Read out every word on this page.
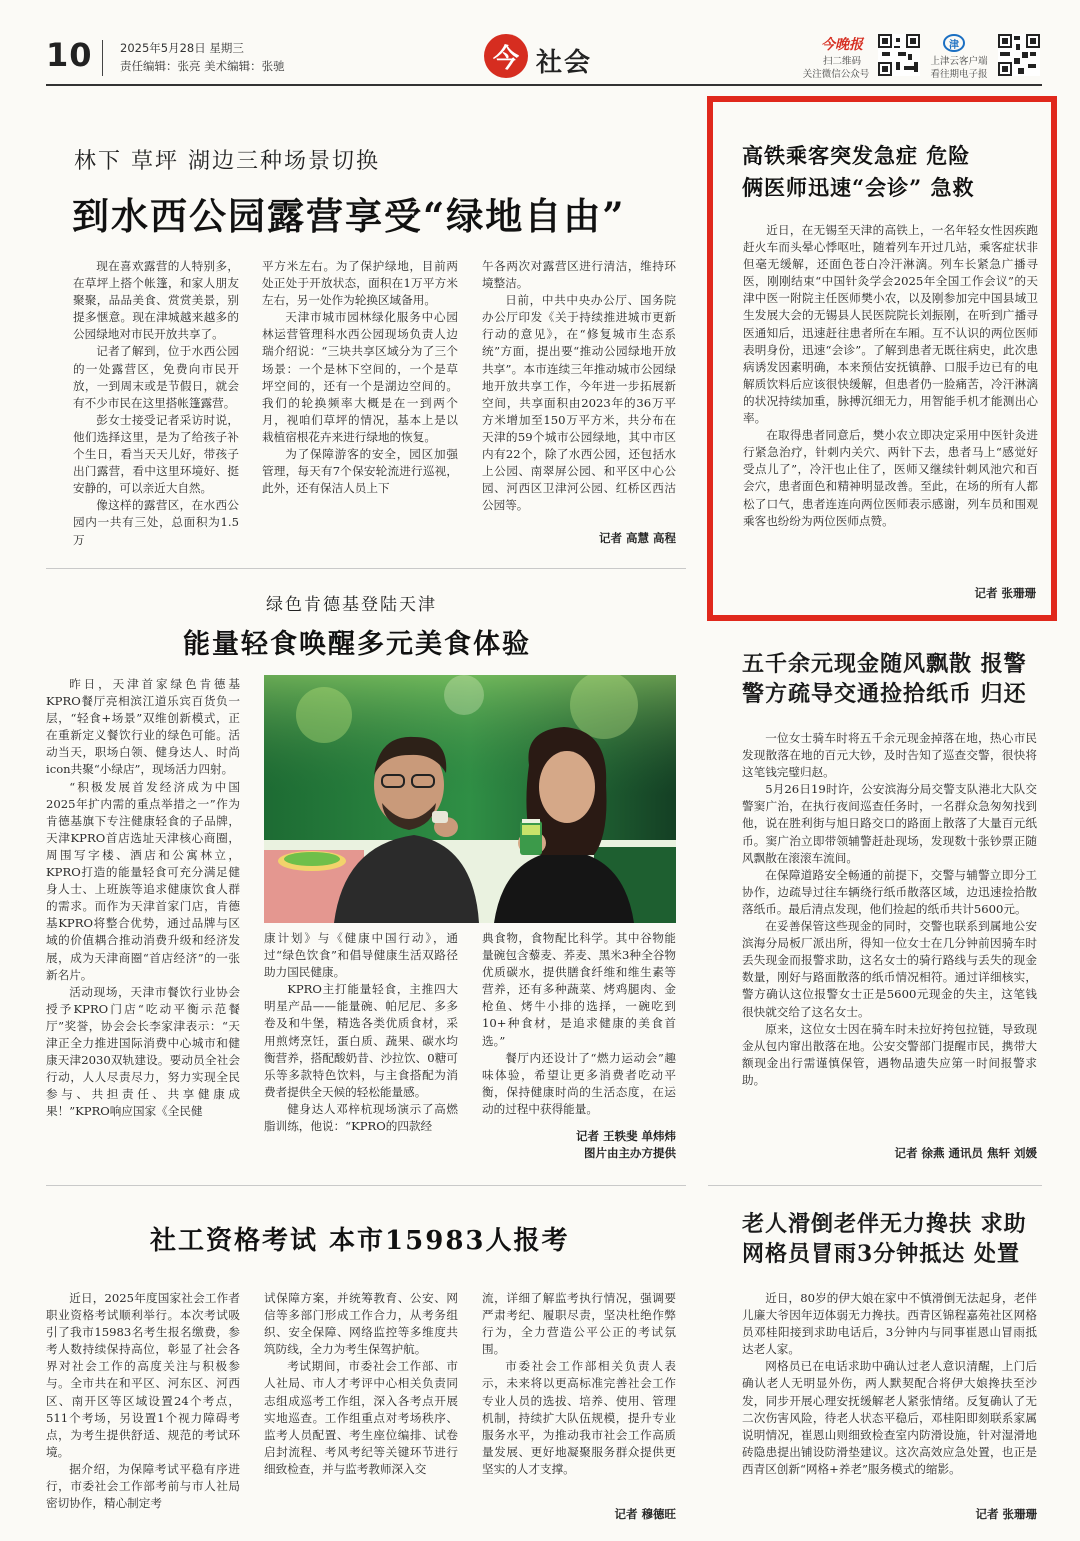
10 2025年5月28日 星期三
责任编辑：张亮 美术编辑：张驰	今 社会
今晚报
扫二维码
关注微信公众号
津
上津云客户端
看往期电子报
林下 草坪 湖边三种场景切换
到水西公园露营享受“绿地自由”

现在喜欢露营的人特别多，在草坪上搭个帐篷，和家人朋友聚聚，品品美食、赏赏美景，别提多惬意。现在津城越来越多的公园绿地对市民开放共享了。

记者了解到，位于水西公园的一处露营区，免费向市民开放，一到周末或是节假日，就会有不少市民在这里搭帐篷露营。

彭女士接受记者采访时说，他们选择这里，是为了给孩子补个生日，看当天天儿好，带孩子出门露营，看中这里环境好、挺安静的，可以亲近大自然。

像这样的露营区，在水西公园内一共有三处，总面积为1.5万

平方米左右。为了保护绿地，目前两处正处于开放状态，面积在1万平方米左右，另一处作为轮换区域备用。

天津市城市园林绿化服务中心园林运营管理科水西公园现场负责人边瑞介绍说：“三块共享区域分为了三个场景：一个是林下空间的，一个是草坪空间的，还有一个是湖边空间的。我们的轮换频率大概是在一到两个月，视咱们草坪的情况，基本上是以栽植宿根花卉来进行绿地的恢复。

为了保障游客的安全，园区加强管理，每天有7个保安轮流进行巡视，此外，还有保洁人员上下

午各两次对露营区进行清洁，维持环境整洁。

日前，中共中央办公厅、国务院办公厅印发《关于持续推进城市更新行动的意见》，在“修复城市生态系统”方面，提出要“推动公园绿地开放共享”。本市连续三年推动城市公园绿地开放共享工作，今年进一步拓展新空间，共享面积由2023年的36万平方米增加至150万平方米，共分布在天津的59个城市公园绿地，其中市区内有22个，除了水西公园，还包括水上公园、南翠屏公园、和平区中心公园、河西区卫津河公园、红桥区西沽公园等。

记者 高慧 高程
高铁乘客突发急症 危险
俩医师迅速“会诊” 急救

近日，在无锡至天津的高铁上，一名年轻女性因疾跑赶火车而头晕心悸呕吐，随着列车开过几站，乘客症状非但毫无缓解，还面色苍白冷汗淋漓。列车长紧急广播寻医，刚刚结束“中国针灸学会2025年全国工作会议”的天津中医一附院主任医师樊小农，以及刚参加完中国县域卫生发展大会的无锡县人民医院院长刘振刚，在听到广播寻医通知后，迅速赶往患者所在车厢。互不认识的两位医师表明身份，迅速“会诊”。了解到患者无既往病史，此次患病诱发因素明确，本来预估安抚镇静、口服手边已有的电解质饮料后应该很快缓解，但患者仍一脸痛苦，冷汗淋漓的状况持续加重，脉搏沉细无力，用智能手机才能测出心率。

在取得患者同意后，樊小农立即决定采用中医针灸进行紧急治疗，针刺内关穴、两针下去，患者马上“感觉好受点儿了”，冷汗也止住了，医师又继续针刺风池穴和百会穴，患者面色和精神明显改善。至此，在场的所有人都松了口气，患者连连向两位医师表示感谢，列车员和围观乘客也纷纷为两位医师点赞。

记者 张珊珊
绿色肯德基登陆天津
能量轻食唤醒多元美食体验

昨日，天津首家绿色肯德基KPRO餐厅亮相滨江道乐宾百货负一层，“轻食+场景”双维创新模式，正在重新定义餐饮行业的绿色可能。活动当天，职场白领、健身达人、时尚icon共聚“小绿店”，现场活力四射。

“积极发展首发经济成为中国2025年扩内需的重点举措之一”作为肯德基旗下专注健康轻食的子品牌，天津KPRO首店选址天津核心商圈，周围写字楼、酒店和公寓林立，KPRO打造的能量轻食可充分满足健身人士、上班族等追求健康饮食人群的需求。而作为天津首家门店，肯德基KPRO将整合优势，通过品牌与区域的价值耦合推动消费升级和经济发展，成为天津商圈“首店经济”的一张新名片。

活动现场，天津市餐饮行业协会授予KPRO门店“吃动平衡示范餐厅”奖誉，协会会长李家津表示：“天津正全力推进国际消费中心城市和健康天津2030双轨建设。要动员全社会行动，人人尽责尽力，努力实现全民参与、共担责任、共享健康成果！”KPRO响应国家《全民健

康计划》与《健康中国行动》，通过“绿色饮食”和倡导健康生活双路径助力国民健康。

KPRO主打能量轻食，主推四大明星产品——能量碗、帕尼尼、多多卷及和牛堡，精选各类优质食材，采用煎烤烹饪，蛋白质、蔬果、碳水均衡营养，搭配酸奶昔、沙拉饮、0糖可乐等多款特色饮料，与主食搭配为消费者提供全天候的轻松能量感。

健身达人邓梓杭现场演示了高燃脂训练，他说：“KPRO的四款经

典食物，食物配比科学。其中谷物能量碗包含藜麦、荞麦、黑米3种全谷物优质碳水，提供膳食纤维和维生素等营养，还有多种蔬菜、烤鸡腿肉、金枪鱼、烤牛小排的选择，一碗吃到10+种食材，是追求健康的美食首选。”

餐厅内还设计了“燃力运动会”趣味体验，希望让更多消费者吃动平衡，保持健康时尚的生活态度，在运动的过程中获得能量。

记者 王轶斐 单炜炜
图片由主办方提供
五千余元现金随风飘散 报警
警方疏导交通捡拾纸币 归还

一位女士骑车时将五千余元现金掉落在地，热心市民发现散落在地的百元大钞，及时告知了巡查交警，很快将这笔钱完璧归赵。

5月26日19时许，公安滨海分局交警支队港北大队交警窦广治，在执行夜间巡查任务时，一名群众急匆匆找到他，说在胜利街与旭日路交口的路面上散落了大量百元纸币。窦广治立即带领辅警赶赴现场，发现数十张钞票正随风飘散在滚滚车流间。

在保障道路安全畅通的前提下，交警与辅警立即分工协作，边疏导过往车辆绕行纸币散落区域，边迅速捡拾散落纸币。最后清点发现，他们捡起的纸币共计5600元。

在妥善保管这些现金的同时，交警也联系到属地公安滨海分局板厂派出所，得知一位女士在几分钟前因骑车时丢失现金而报警求助，这名女士的骑行路线与丢失的现金数量，刚好与路面散落的纸币情况相符。通过详细核实，警方确认这位报警女士正是5600元现金的失主，这笔钱很快就交给了这名女士。

原来，这位女士因在骑车时未拉好挎包拉链，导致现金从包内窜出散落在地。公安交警部门提醒市民，携带大额现金出行需谨慎保管，遇物品遗失应第一时间报警求助。

记者 徐燕 通讯员 焦轩 刘媛
社工资格考试 本市15983人报考

近日，2025年度国家社会工作者职业资格考试顺利举行。本次考试吸引了我市15983名考生报名缴费，参考人数持续保持高位，彰显了社会各界对社会工作的高度关注与积极参与。全市共在和平区、河东区、河西区、南开区等区域设置24个考点，511个考场，另设置1个视力障碍考点，为考生提供舒适、规范的考试环境。

据介绍，为保障考试平稳有序进行，市委社会工作部考前与市人社局密切协作，精心制定考

试保障方案，并统筹教育、公安、网信等多部门形成工作合力，从考务组织、安全保障、网络监控等多维度共筑防线，全力为考生保驾护航。

考试期间，市委社会工作部、市人社局、市人才考评中心相关负责同志组成巡考工作组，深入各考点开展实地巡查。工作组重点对考场秩序、监考人员配置、考生座位编排、试卷启封流程、考风考纪等关键环节进行细致检查，并与监考教师深入交

流，详细了解监考执行情况，强调要严肃考纪、履职尽责，坚决杜绝作弊行为，全力营造公平公正的考试氛围。

市委社会工作部相关负责人表示，未来将以更高标准完善社会工作专业人员的选拔、培养、使用、管理机制，持续扩大队伍规模，提升专业服务水平，为推动我市社会工作高质量发展、更好地凝聚服务群众提供更坚实的人才支撑。

记者 穆德旺
老人滑倒老伴无力搀扶 求助
网格员冒雨3分钟抵达 处置

近日，80岁的伊大娘在家中不慎滑倒无法起身，老伴儿廉大爷因年迈体弱无力搀扶。西青区锦程嘉苑社区网格员邓桂阳接到求助电话后，3分钟内与同事崔恩山冒雨抵达老人家。

网格员已在电话求助中确认过老人意识清醒，上门后确认老人无明显外伤，两人默契配合将伊大娘搀扶至沙发，同步开展心理安抚缓解老人紧张情绪。反复确认了无二次伤害风险，待老人状态平稳后，邓桂阳即刻联系家属说明情况，崔恩山则细致检查室内防滑设施，针对湿滑地砖隐患提出铺设防滑垫建议。这次高效应急处置，也正是西青区创新“网格+养老”服务模式的缩影。

记者 张珊珊
